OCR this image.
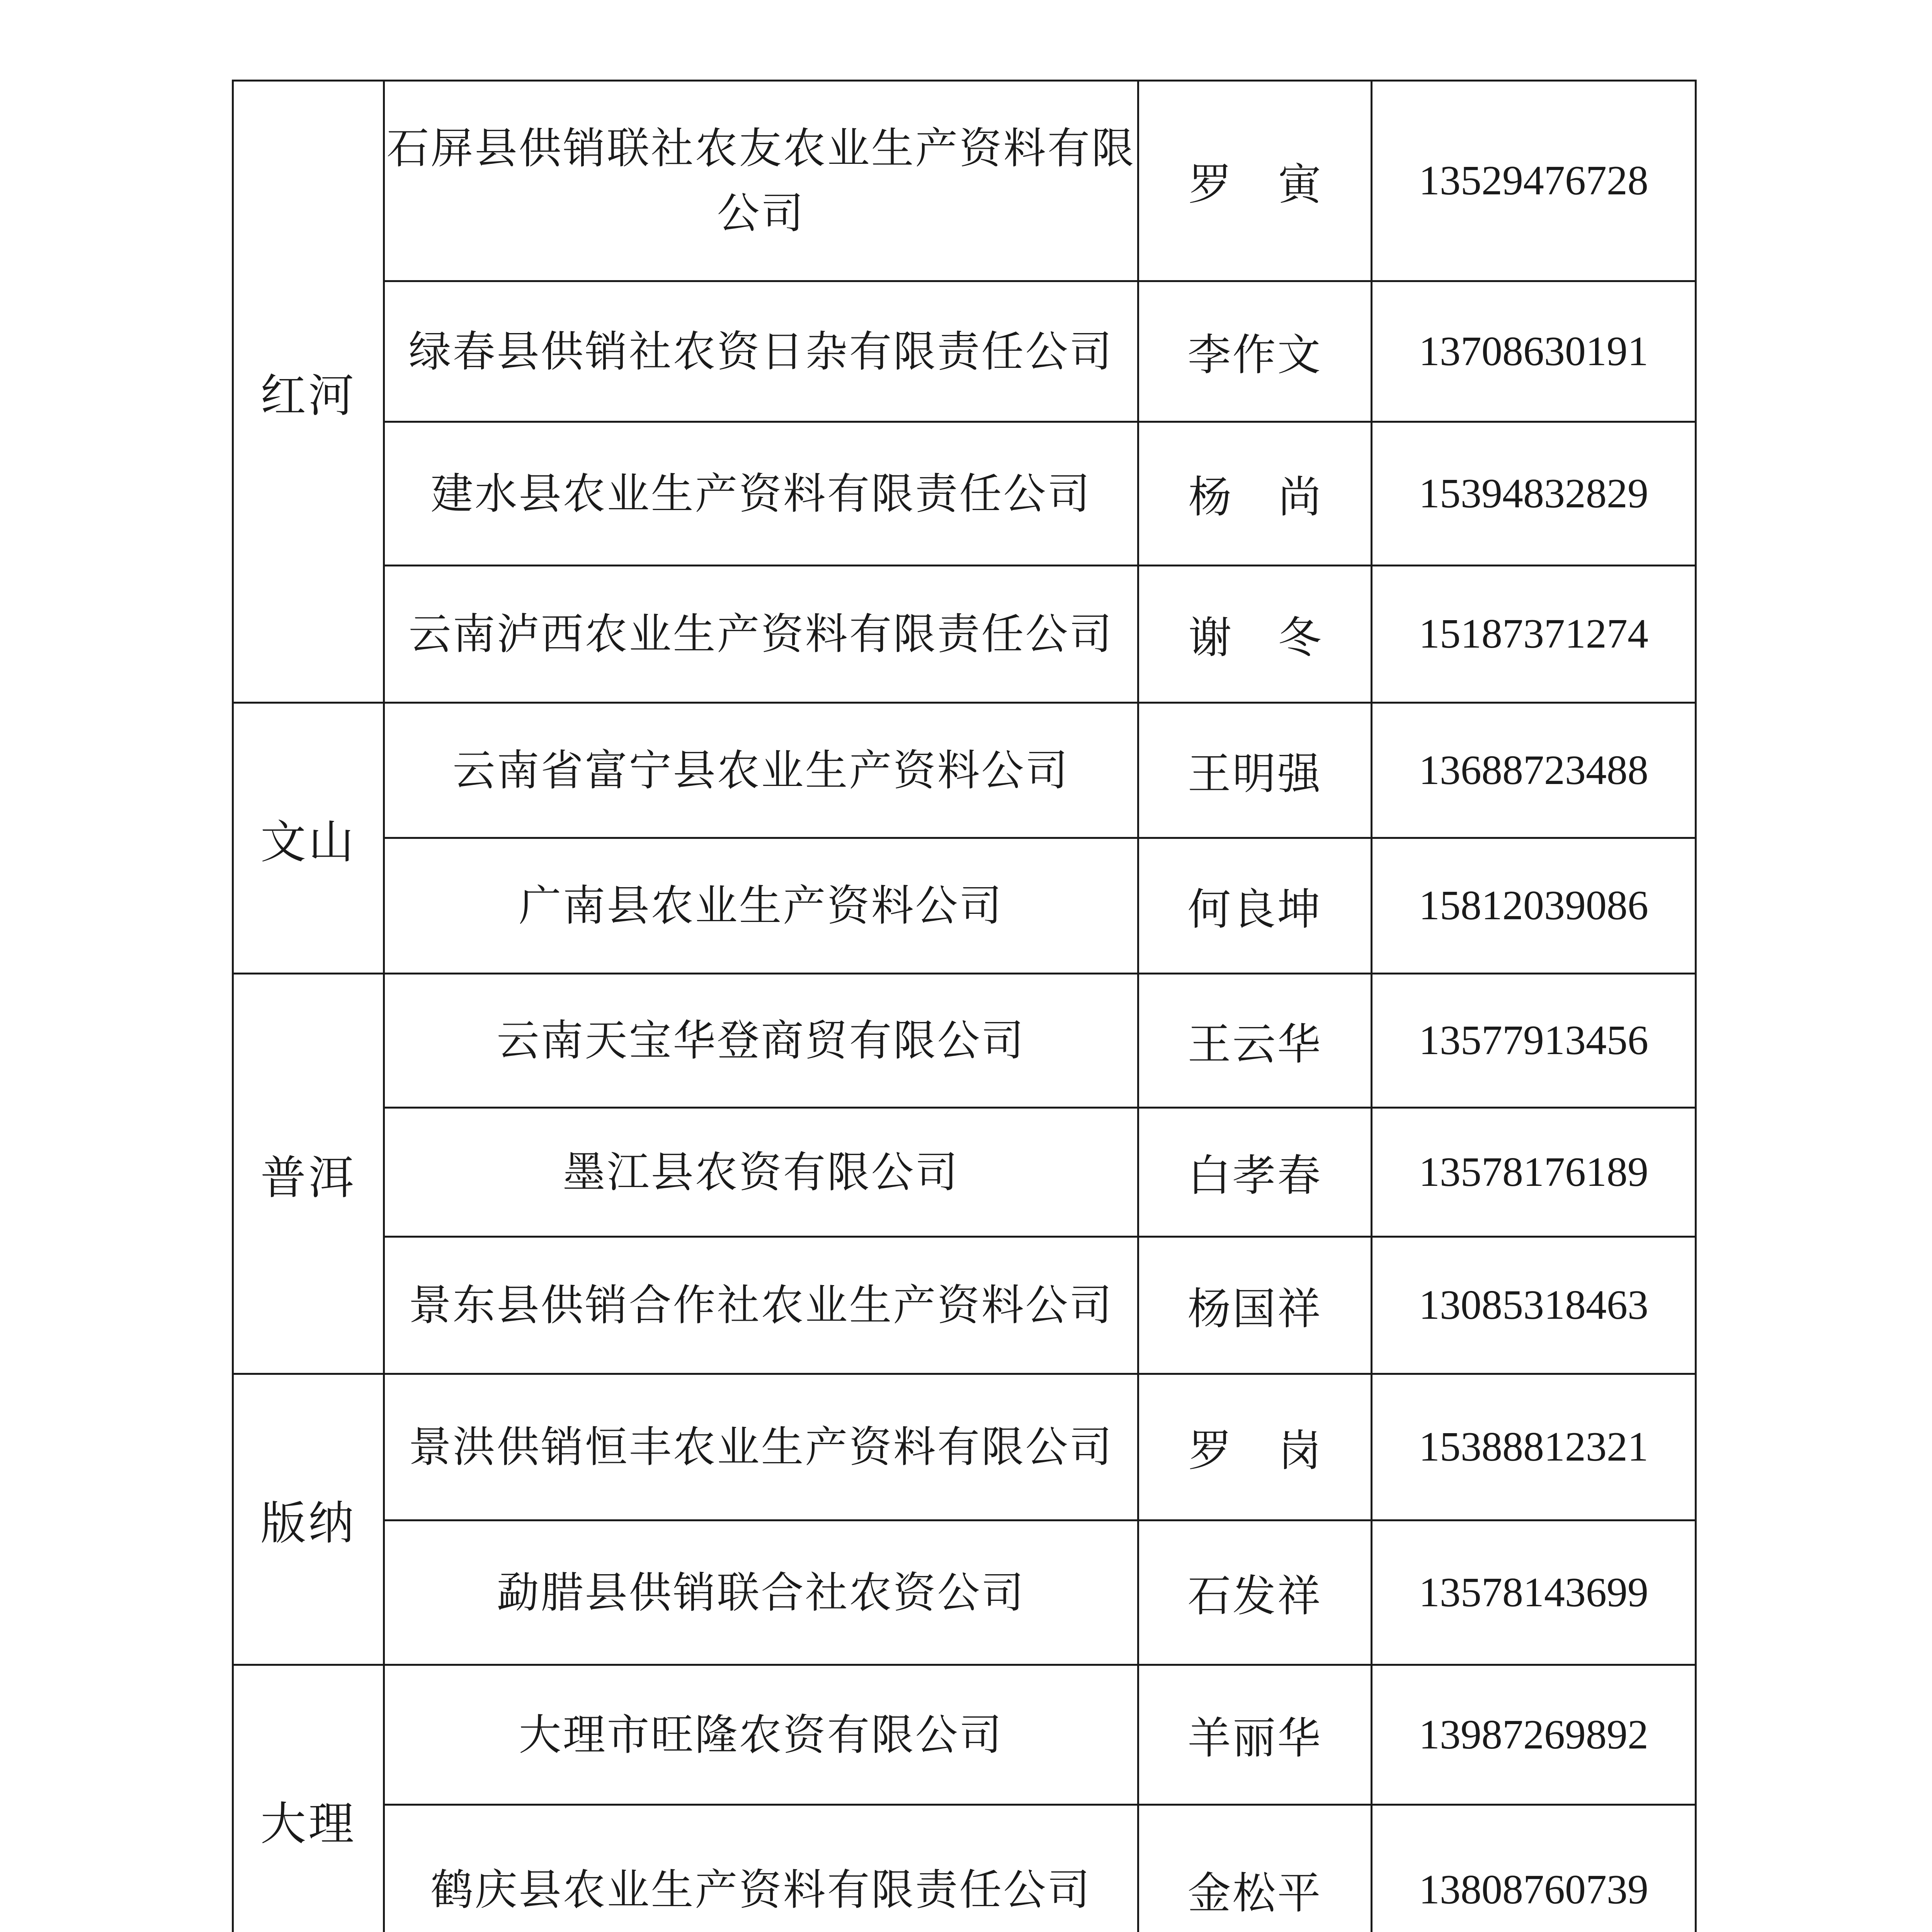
红河	石屏县供销联社农友农业生产资料有限公司	罗寅	13529476728
	绿春县供销社农资日杂有限责任公司	李作文	13708630191
	建水县农业生产资料有限责任公司	杨尚	15394832829
	云南泸西农业生产资料有限责任公司	谢冬	15187371274
文山	云南省富宁县农业生产资料公司	王明强	13688723488
	广南县农业生产资料公司	何良坤	15812039086
普洱	云南天宝华登商贸有限公司	王云华	13577913456
	墨江县农资有限公司	白孝春	13578176189
	景东县供销合作社农业生产资料公司	杨国祥	13085318463
版纳	景洪供销恒丰农业生产资料有限公司	罗岗	15388812321
	勐腊县供销联合社农资公司	石发祥	13578143699
大理	大理市旺隆农资有限公司	羊丽华	13987269892
	鹤庆县农业生产资料有限责任公司	金松平	13808760739
